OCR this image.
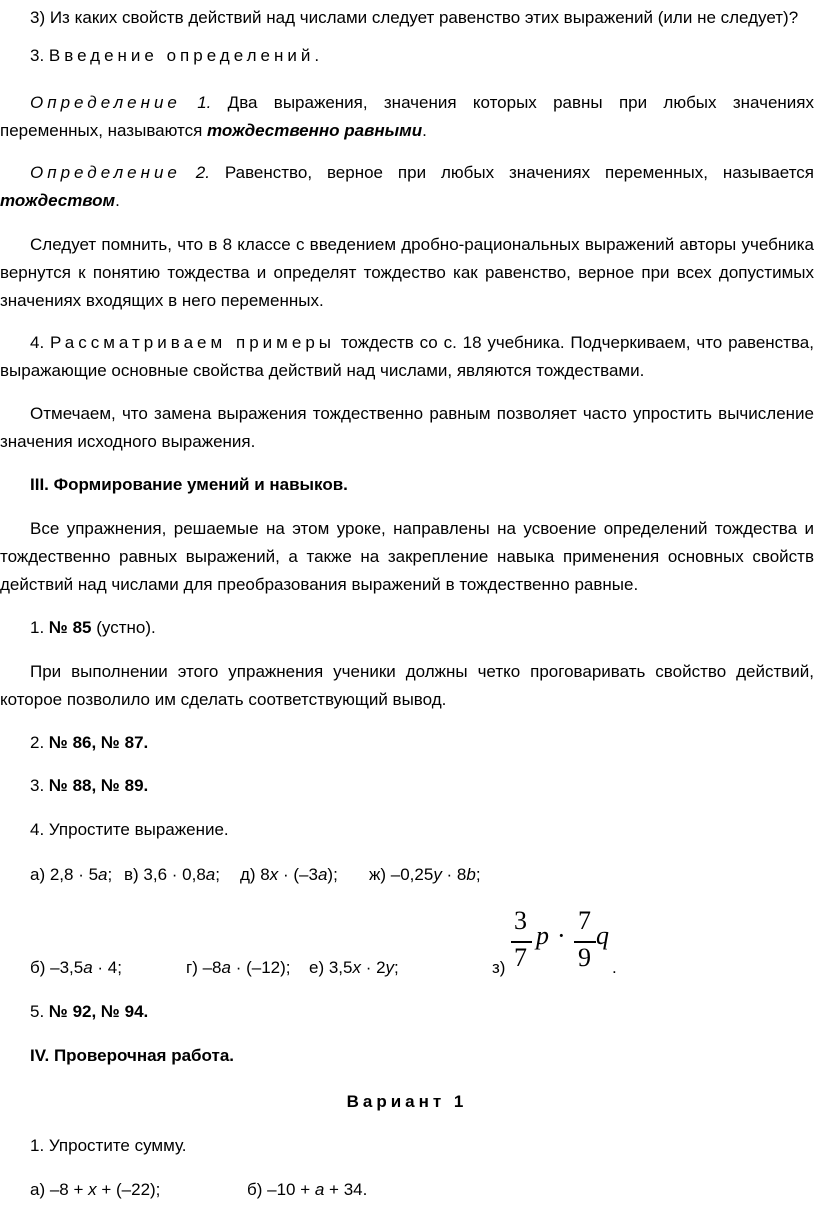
3) Из каких свойств действий над числами следует равенство этих выражений (или не следует)?

3. Введение определений.

Определение 1. Два выражения, значения которых равны при любых значениях переменных, называются тождественно равными.

Определение 2. Равенство, верное при любых значениях переменных, называется тождеством.

Следует помнить, что в 8 классе с введением дробно-рациональных выражений авторы учебника вернутся к понятию тождества и определят тождество как равенство, верное при всех допустимых значениях входящих в него переменных.

4. Рассматриваем примеры тождеств со с. 18 учебника. Подчеркиваем, что равенства, выражающие основные свойства действий над числами, являются тождествами.

Отмечаем, что замена выражения тождественно равным позволяет часто упростить вычисление значения исходного выражения.

III. Формирование умений и навыков.

Все упражнения, решаемые на этом уроке, направлены на усвоение определений тождества и тождественно равных выражений, а также на закрепление навыка применения основных свойств действий над числами для преобразования выражений в тождественно равные.

1. № 85 (устно).

При выполнении этого упражнения ученики должны четко проговаривать свойство действий, которое позволило им сделать соответствующий вывод.

2. № 86, № 87.

3. № 88, № 89.

4. Упростите выражение.

а) 2,8 · 5а; в) 3,6 · 0,8а; д) 8х · (–3а); ж) –0,25у · 8b;
б) –3,5а · 4;	г) –8а · (–12); е) 3,5х · 2у;	з)
3
7
p ·
7
9
q
.

5. № 92, № 94.

IV. Проверочная работа.

Вариант 1

1. Упростите сумму.

а) –8 + х + (–22);	б) –10 + а + 34.
